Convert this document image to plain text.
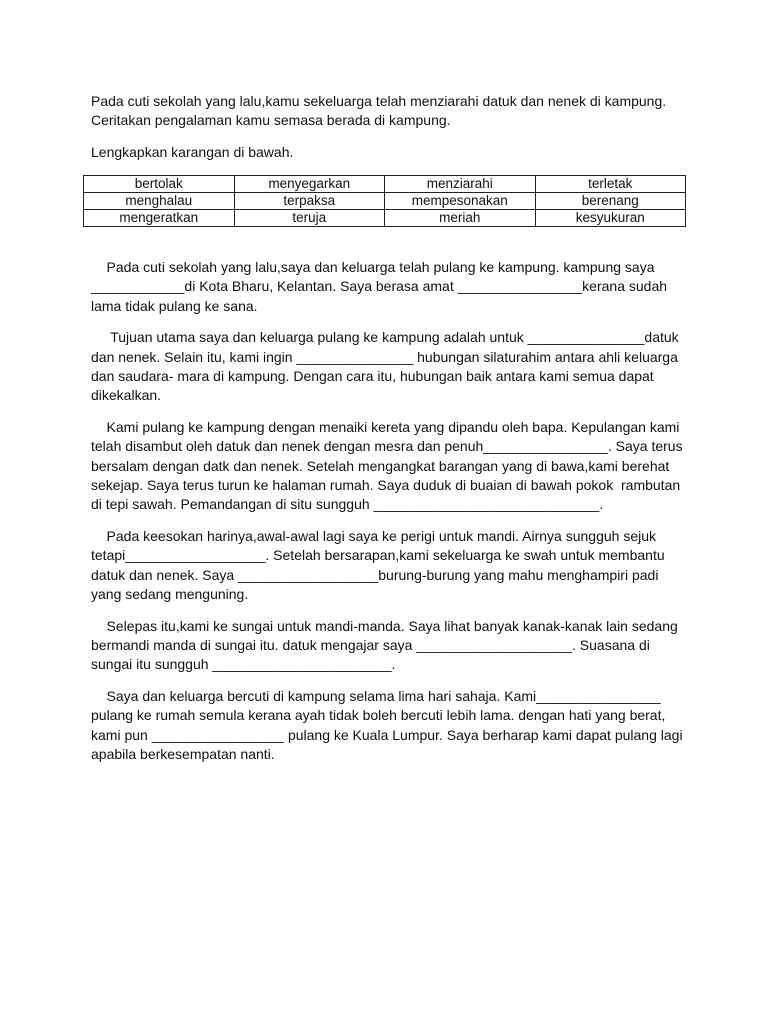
Pada cuti sekolah yang lalu,kamu sekeluarga telah menziarahi datuk dan nenek di kampung.

Ceritakan pengalaman kamu semasa berada di kampung.

Lengkapkan karangan di bawah.

bertolak	menyegarkan	menziarahi	terletak
menghalau	terpaksa	mempesonakan	berenang
mengeratkan	teruja	meriah	kesyukuran

Pada cuti sekolah yang lalu,saya dan keluarga telah pulang ke kampung. kampung saya
____________di Kota Bharu, Kelantan. Saya berasa amat ________________kerana sudah
lama tidak pulang ke sana.

Tujuan utama saya dan keluarga pulang ke kampung adalah untuk _______________datuk
dan nenek. Selain itu, kami ingin _______________ hubungan silaturahim antara ahli keluarga
dan saudara- mara di kampung. Dengan cara itu, hubungan baik antara kami semua dapat
dikekalkan.

Kami pulang ke kampung dengan menaiki kereta yang dipandu oleh bapa. Kepulangan kami
telah disambut oleh datuk dan nenek dengan mesra dan penuh________________. Saya terus
bersalam dengan datk dan nenek. Setelah mengangkat barangan yang di bawa,kami berehat
sekejap. Saya terus turun ke halaman rumah. Saya duduk di buaian di bawah pokok  rambutan
di tepi sawah. Pemandangan di situ sungguh _____________________________.

Pada keesokan harinya,awal-awal lagi saya ke perigi untuk mandi. Airnya sungguh sejuk
tetapi__________________. Setelah bersarapan,kami sekeluarga ke swah untuk membantu
datuk dan nenek. Saya __________________burung-burung yang mahu menghampiri padi
yang sedang menguning.

Selepas itu,kami ke sungai untuk mandi-manda. Saya lihat banyak kanak-kanak lain sedang
bermandi manda di sungai itu. datuk mengajar saya ____________________. Suasana di
sungai itu sungguh _______________________.

Saya dan keluarga bercuti di kampung selama lima hari sahaja. Kami________________
pulang ke rumah semula kerana ayah tidak boleh bercuti lebih lama. dengan hati yang berat,
kami pun _________________ pulang ke Kuala Lumpur. Saya berharap kami dapat pulang lagi
apabila berkesempatan nanti.
